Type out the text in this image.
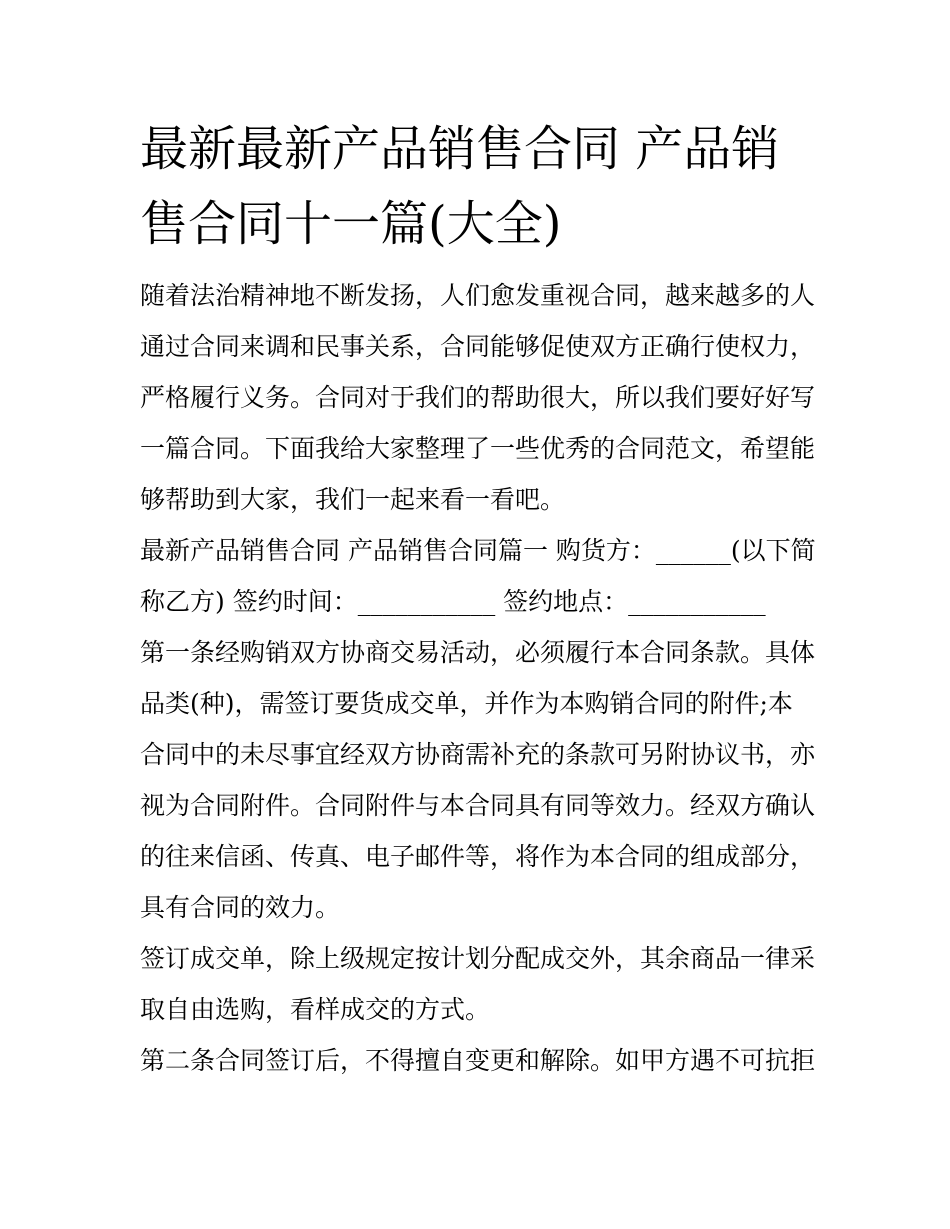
最新最新产品销售合同 产品销
售合同十一篇(大全)

随着法治精神地不断发扬，人们愈发重视合同，越来越多的人
通过合同来调和民事关系，合同能够促使双方正确行使权力，
严格履行义务。合同对于我们的帮助很大，所以我们要好好写
一篇合同。下面我给大家整理了一些优秀的合同范文，希望能
够帮助到大家，我们一起来看一看吧。

最新产品销售合同 产品销售合同篇一 购货方：______(以下简
称乙方) 签约时间：___________ 签约地点：___________

第一条经购销双方协商交易活动，必须履行本合同条款。具体
品类(种)，需签订要货成交单，并作为本购销合同的附件;本
合同中的未尽事宜经双方协商需补充的条款可另附协议书，亦
视为合同附件。合同附件与本合同具有同等效力。经双方确认
的往来信函、传真、电子邮件等，将作为本合同的组成部分，
具有合同的效力。

签订成交单，除上级规定按计划分配成交外，其余商品一律采
取自由选购，看样成交的方式。

第二条合同签订后，不得擅自变更和解除。如甲方遇不可抗拒
